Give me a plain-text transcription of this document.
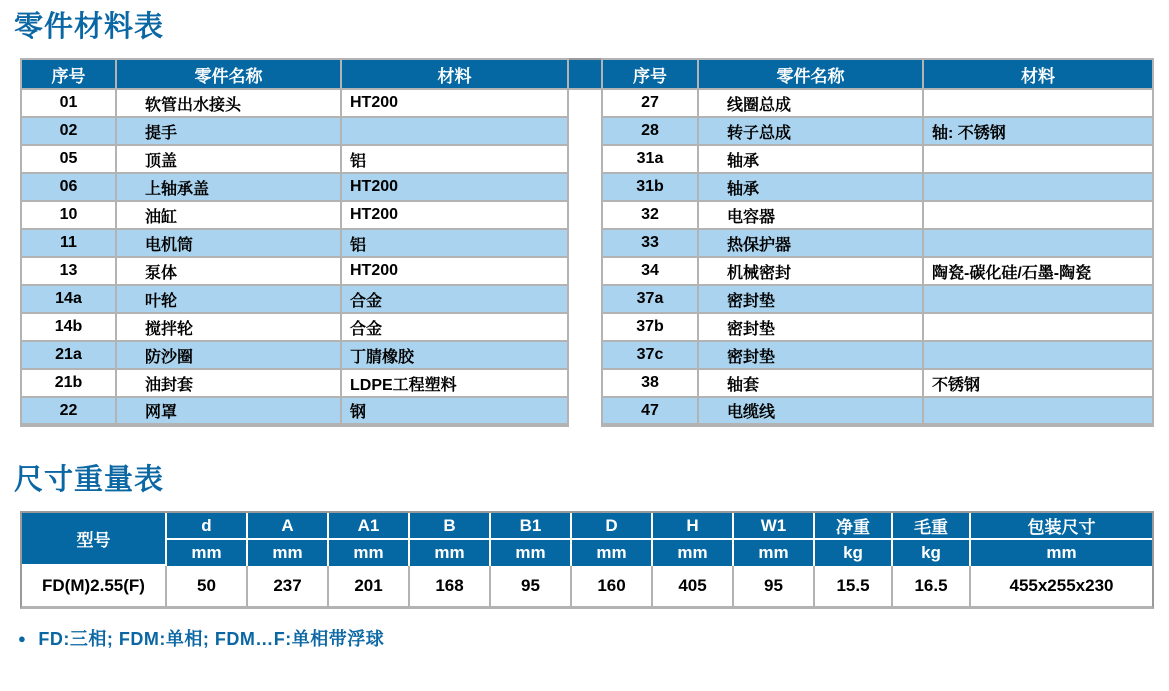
零件材料表
序号	零件名称	材料
01	软管出水接头	HT200
02	提手	
05	顶盖	铝
06	上轴承盖	HT200
10	油缸	HT200
11	电机筒	铝
13	泵体	HT200
14a	叶轮	合金
14b	搅拌轮	合金
21a	防沙圈	丁腈橡胶
21b	油封套	LDPE工程塑料
22	网罩	钢
序号	零件名称	材料
27	线圈总成	
28	转子总成	轴: 不锈钢
31a	轴承	
31b	轴承	
32	电容器	
33	热保护器	
34	机械密封	陶瓷-碳化硅/石墨-陶瓷
37a	密封垫	
37b	密封垫	
37c	密封垫	
38	轴套	不锈钢
47	电缆线	
尺寸重量表
型号	d	A	A1	B	B1	D	H	W1	净重	毛重	包装尺寸
	mm	mm	mm	mm	mm	mm	mm	mm	kg	kg	mm
FD(M)2.55(F)	50	237	201	168	95	160	405	95	15.5	16.5	455x255x230
● FD:三相; FDM:单相; FDM…F:单相带浮球
